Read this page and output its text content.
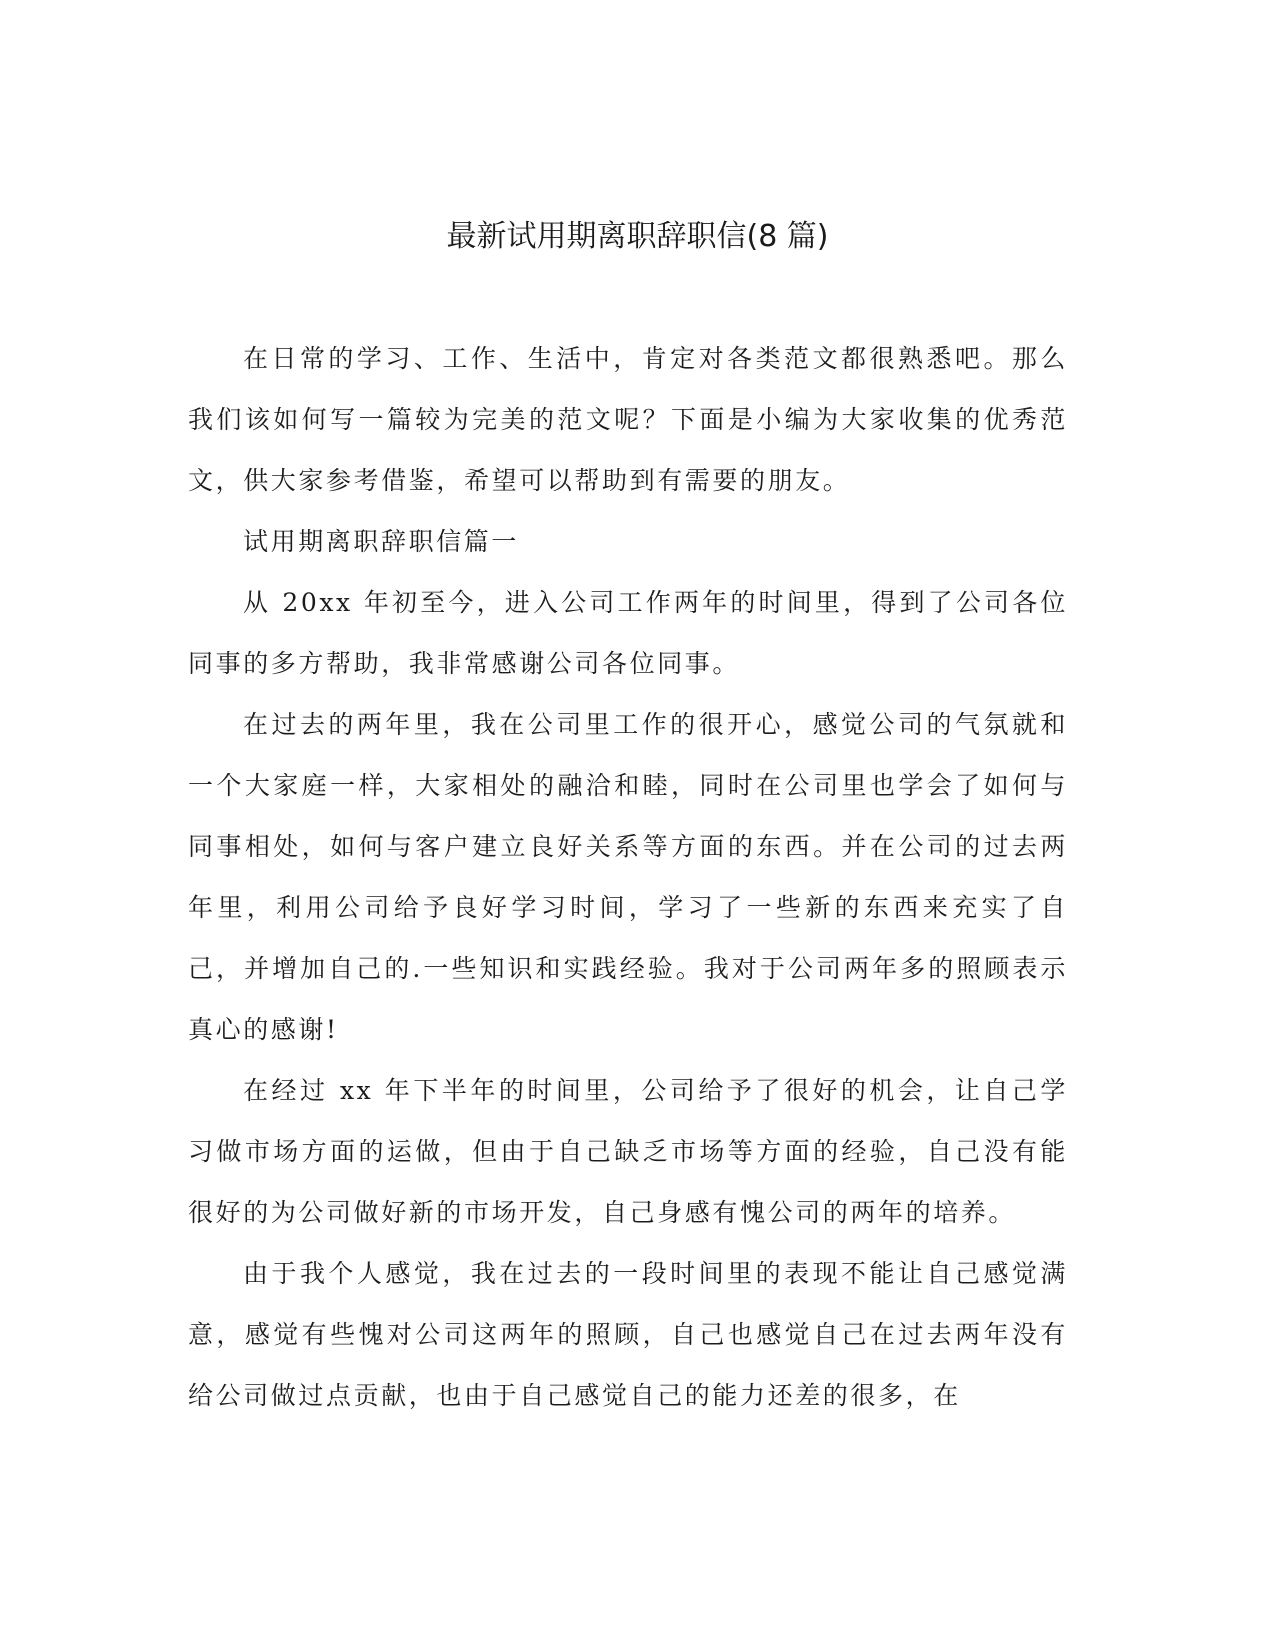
最新试用期离职辞职信(8 篇)

在日常的学习、工作、生活中，肯定对各类范文都很熟悉吧。那么我们该如何写一篇较为完美的范文呢？下面是小编为大家收集的优秀范文，供大家参考借鉴，希望可以帮助到有需要的朋友。

试用期离职辞职信篇一

从 20xx 年初至今，进入公司工作两年的时间里，得到了公司各位同事的多方帮助，我非常感谢公司各位同事。

在过去的两年里，我在公司里工作的很开心，感觉公司的气氛就和一个大家庭一样，大家相处的融洽和睦，同时在公司里也学会了如何与同事相处，如何与客户建立良好关系等方面的东西。并在公司的过去两年里，利用公司给予良好学习时间，学习了一些新的东西来充实了自己，并增加自己的.一些知识和实践经验。我对于公司两年多的照顾表示真心的感谢!

在经过 xx 年下半年的时间里，公司给予了很好的机会，让自己学习做市场方面的运做，但由于自己缺乏市场等方面的经验，自己没有能很好的为公司做好新的市场开发，自己身感有愧公司的两年的培养。

由于我个人感觉，我在过去的一段时间里的表现不能让自己感觉满意，感觉有些愧对公司这两年的照顾，自己也感觉自己在过去两年没有给公司做过点贡献，也由于自己感觉自己的能力还差的很多，在
